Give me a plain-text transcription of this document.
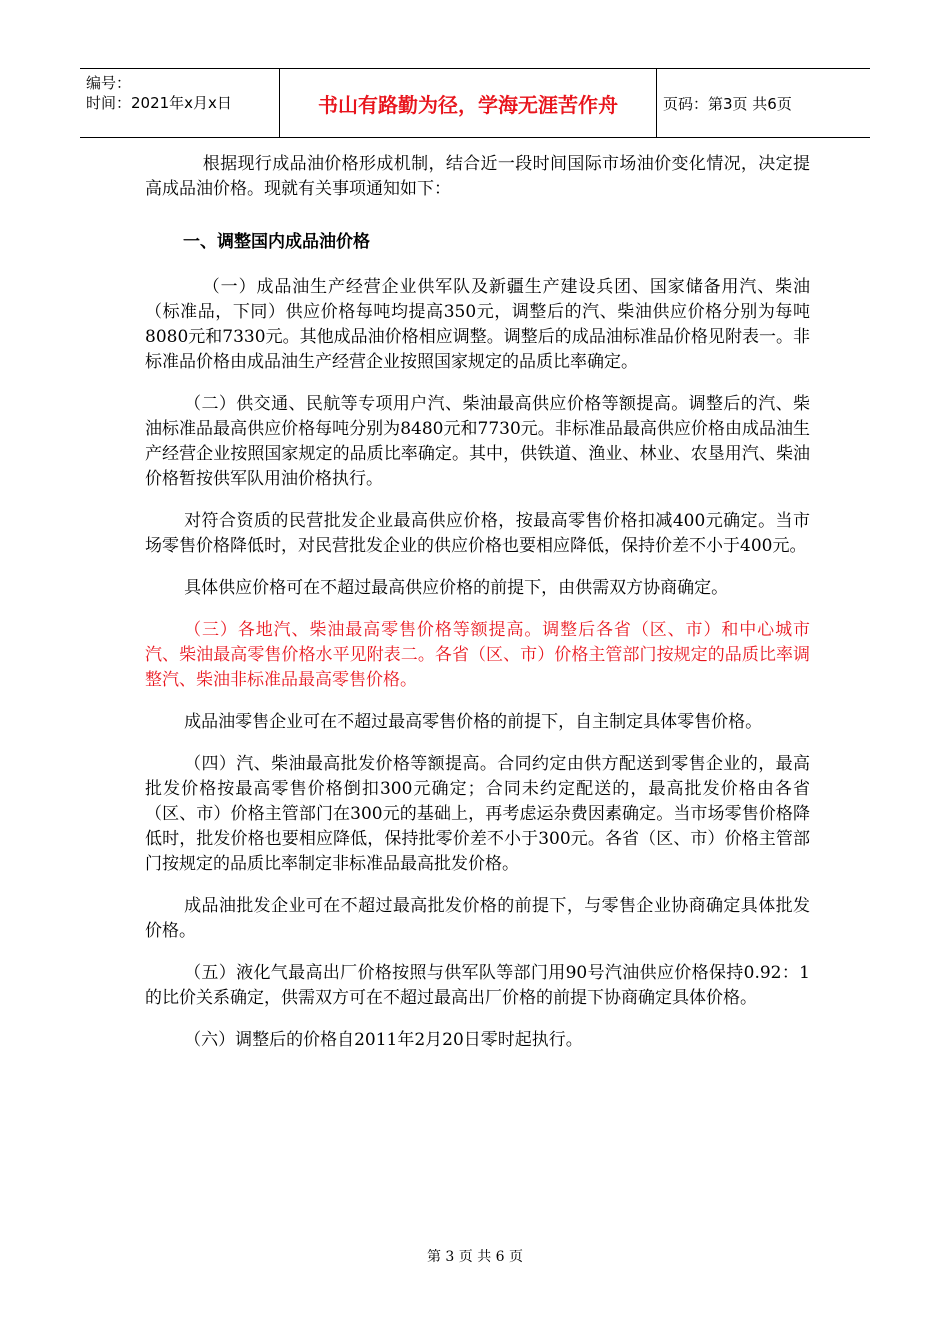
编号：
时间：2021年x月x日	书山有路勤为径，学海无涯苦作舟	页码：第3页 共6页

根据现行成品油价格形成机制，结合近一段时间国际市场油价变化情况，决定提高成品油价格。现就有关事项通知如下：

一、调整国内成品油价格

（一）成品油生产经营企业供军队及新疆生产建设兵团、国家储备用汽、柴油（标准品，下同）供应价格每吨均提高350元，调整后的汽、柴油供应价格分别为每吨8080元和7330元。其他成品油价格相应调整。调整后的成品油标准品价格见附表一。非标准品价格由成品油生产经营企业按照国家规定的品质比率确定。

（二）供交通、民航等专项用户汽、柴油最高供应价格等额提高。调整后的汽、柴油标准品最高供应价格每吨分别为8480元和7730元。非标准品最高供应价格由成品油生产经营企业按照国家规定的品质比率确定。其中，供铁道、渔业、林业、农垦用汽、柴油价格暂按供军队用油价格执行。

对符合资质的民营批发企业最高供应价格，按最高零售价格扣减400元确定。当市场零售价格降低时，对民营批发企业的供应价格也要相应降低，保持价差不小于400元。

具体供应价格可在不超过最高供应价格的前提下，由供需双方协商确定。

（三）各地汽、柴油最高零售价格等额提高。调整后各省（区、市）和中心城市汽、柴油最高零售价格水平见附表二。各省（区、市）价格主管部门按规定的品质比率调整汽、柴油非标准品最高零售价格。

成品油零售企业可在不超过最高零售价格的前提下，自主制定具体零售价格。

（四）汽、柴油最高批发价格等额提高。合同约定由供方配送到零售企业的，最高批发价格按最高零售价格倒扣300元确定；合同未约定配送的，最高批发价格由各省（区、市）价格主管部门在300元的基础上，再考虑运杂费因素确定。当市场零售价格降低时，批发价格也要相应降低，保持批零价差不小于300元。各省（区、市）价格主管部门按规定的品质比率制定非标准品最高批发价格。

成品油批发企业可在不超过最高批发价格的前提下，与零售企业协商确定具体批发价格。

（五）液化气最高出厂价格按照与供军队等部门用90号汽油供应价格保持0.92：1的比价关系确定，供需双方可在不超过最高出厂价格的前提下协商确定具体价格。

（六）调整后的价格自2011年2月20日零时起执行。

第 3 页 共 6 页
